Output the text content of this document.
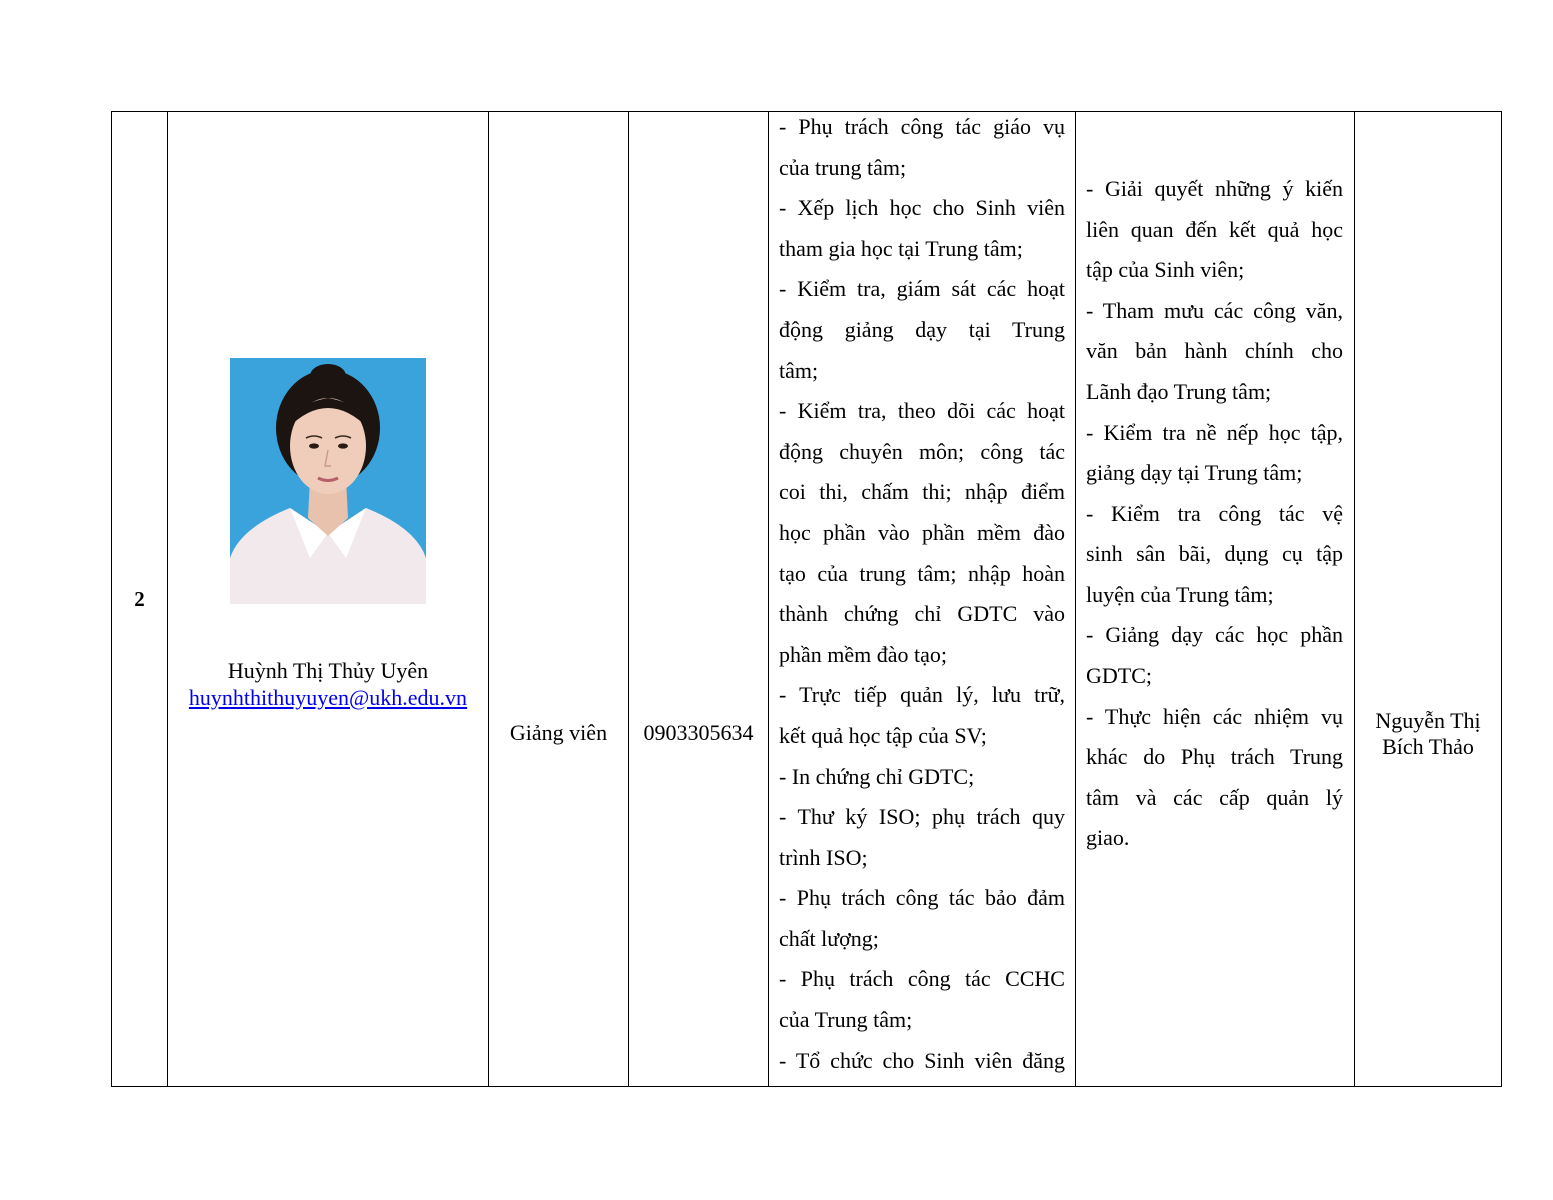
2	
Huỳnh Thị Thủy Uyên
huynhthithuyuyen@ukh.edu.vn

Giảng viên	0903305634

- Phụ trách công tác giáo vụ
của trung tâm;
- Xếp lịch học cho Sinh viên
tham gia học tại Trung tâm;
- Kiểm tra, giám sát các hoạt
động giảng dạy tại Trung
tâm;
- Kiểm tra, theo dõi các hoạt
động chuyên môn; công tác
coi thi, chấm thi; nhập điểm
học phần vào phần mềm đào
tạo của trung tâm; nhập hoàn
thành chứng chỉ GDTC vào
phần mềm đào tạo;
- Trực tiếp quản lý, lưu trữ,
kết quả học tập của SV;
- In chứng chỉ GDTC;
- Thư ký ISO; phụ trách quy
trình ISO;
- Phụ trách công tác bảo đảm
chất lượng;
- Phụ trách công tác CCHC
của Trung tâm;
- Tổ chức cho Sinh viên đăng

- Giải quyết những ý kiến
liên quan đến kết quả học
tập của Sinh viên;
- Tham mưu các công văn,
văn bản hành chính cho
Lãnh đạo Trung tâm;
- Kiểm tra nề nếp học tập,
giảng dạy tại Trung tâm;
- Kiểm tra công tác vệ
sinh sân bãi, dụng cụ tập
luyện của Trung tâm;
- Giảng dạy các học phần
GDTC;
- Thực hiện các nhiệm vụ
khác do Phụ trách Trung
tâm và các cấp quản lý
giao.

Nguyễn Thị
Bích Thảo
